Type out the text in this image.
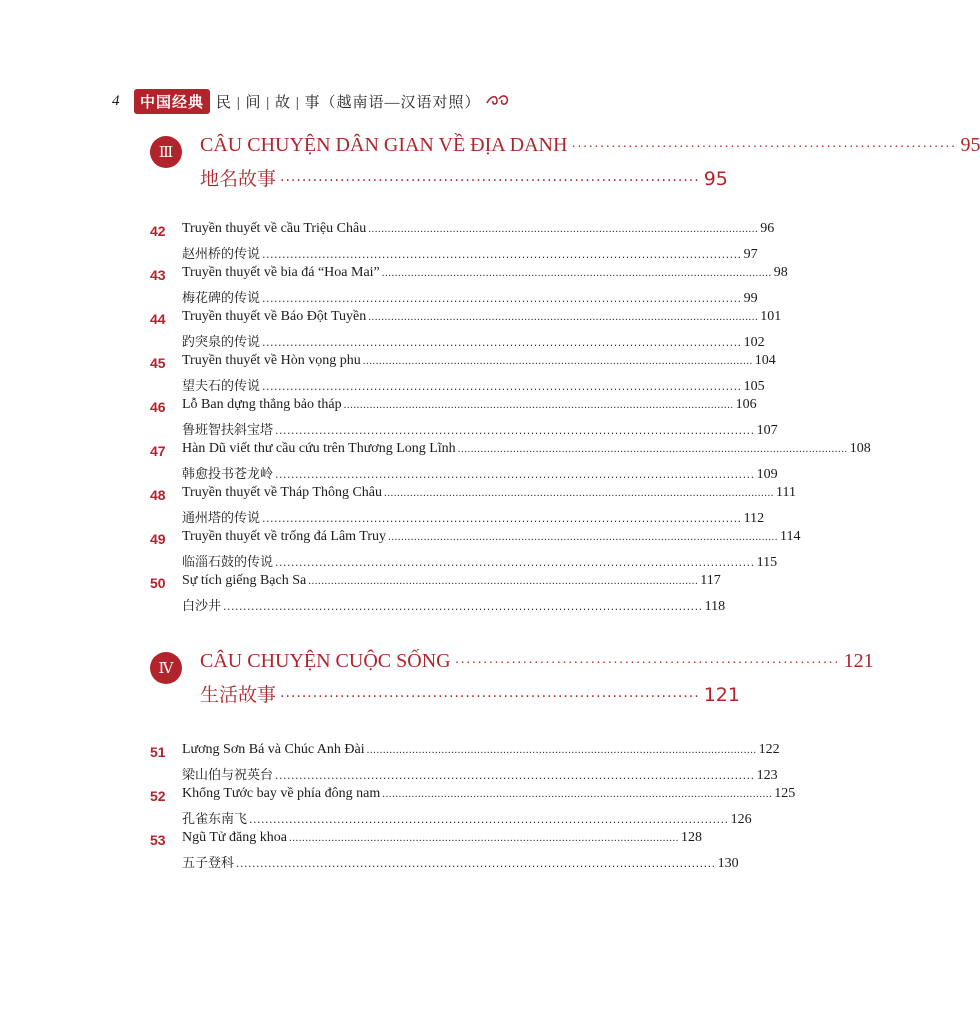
4	中国经典 民 | 间 | 故 | 事（越南语—汉语对照）
Ⅲ	CÂU CHUYỆN DÂN GIAN VỀ ĐỊA DANH ···································································· 95
地名故事 ············································································· 95
42	Truyền thuyết về cầu Triệu Châu ........................................................................................................................ 96
赵州桥的传说 ........................................................................................................................ 97
43	Truyền thuyết về bia đá “Hoa Mai” ........................................................................................................................ 98
梅花碑的传说 ........................................................................................................................ 99
44	Truyền thuyết về Báo Đột Tuyền ........................................................................................................................ 101
趵突泉的传说 ........................................................................................................................ 102
45	Truyền thuyết về Hòn vọng phu ........................................................................................................................ 104
望夫石的传说 ........................................................................................................................ 105
46	Lỗ Ban dựng thẳng bảo tháp ........................................................................................................................ 106
鲁班智扶斜宝塔 ........................................................................................................................ 107
47	Hàn Dũ viết thư cầu cứu trên Thương Long Lĩnh ........................................................................................................................ 108
韩愈投书苍龙岭 ........................................................................................................................ 109
48	Truyền thuyết về Tháp Thông Châu ........................................................................................................................ 111
通州塔的传说 ........................................................................................................................ 112
49	Truyền thuyết về trống đá Lâm Truy ........................................................................................................................ 114
临淄石鼓的传说 ........................................................................................................................ 115
50	Sự tích giếng Bạch Sa ........................................................................................................................ 117
白沙井 ........................................................................................................................ 118
Ⅳ	CÂU CHUYỆN CUỘC SỐNG ···································································· 121
生活故事 ············································································· 121
51	Lương Sơn Bá và Chúc Anh Đài ........................................................................................................................ 122
梁山伯与祝英台 ........................................................................................................................ 123
52	Khổng Tước bay về phía đông nam ........................................................................................................................ 125
孔雀东南飞 ........................................................................................................................ 126
53	Ngũ Tử đăng khoa ........................................................................................................................ 128
五子登科 ........................................................................................................................ 130
